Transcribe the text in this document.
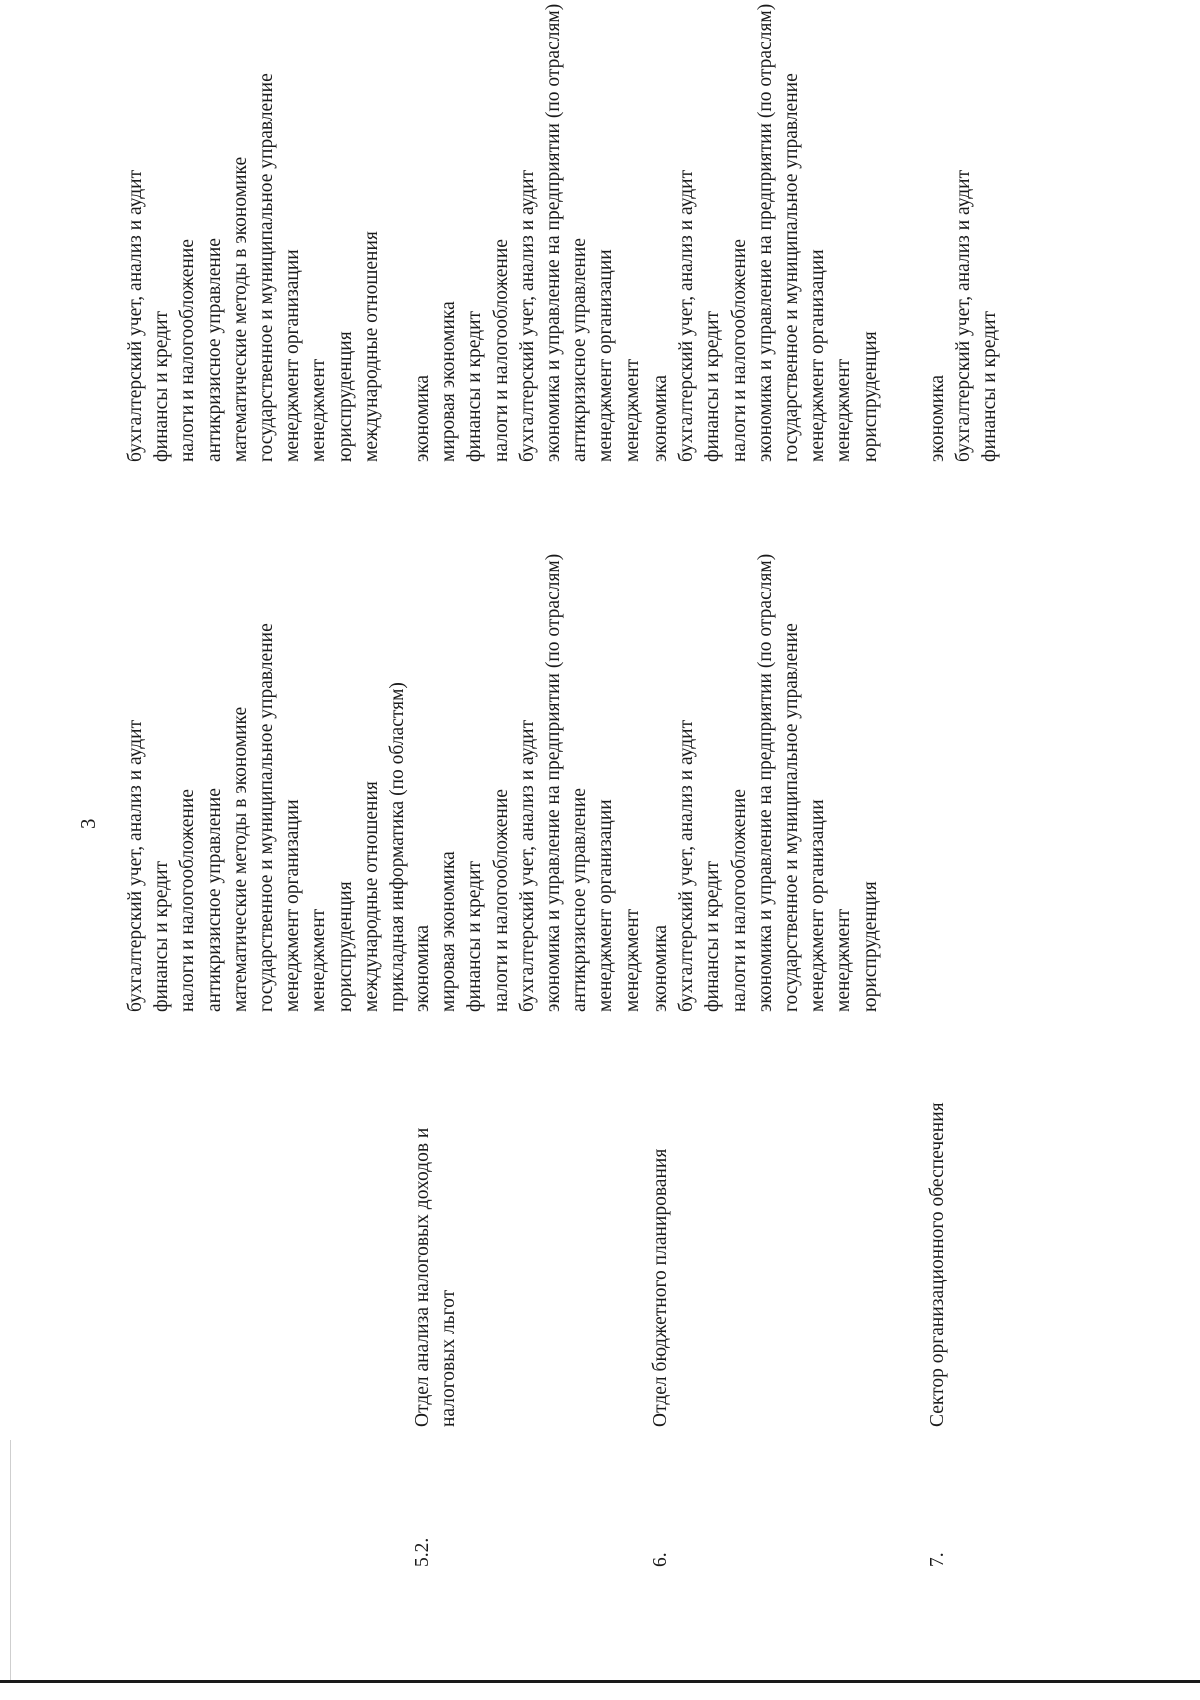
3 бухгалтерский учет, анализ и аудит финансы и кредит налоги и налогообложение антикризисное управление математические методы в экономике государственное и муниципальное управление менеджмент организации менеджмент юриспруденция международные отношения прикладная информатика (по областям)
бухгалтерский учет, анализ и аудит финансы и кредит налоги и налогообложение антикризисное управление математические методы в экономике государственное и муниципальное управление менеджмент организации менеджмент юриспруденция международные отношения
5.2.
Отдел анализа налоговых доходов и налоговых льгот
экономика мировая экономика финансы и кредит налоги и налогообложение бухгалтерский учет, анализ и аудит экономика и управление на предприятии (по отраслям) антикризисное управление менеджмент организации менеджмент
экономика мировая экономика финансы и кредит налоги и налогообложение бухгалтерский учет, анализ и аудит экономика и управление на предприятии (по отраслям) антикризисное управление менеджмент организации менеджмент
6.
Отдел бюджетного планирования
экономика бухгалтерский учет, анализ и аудит финансы и кредит налоги и налогообложение экономика и управление на предприятии (по отраслям) государственное и муниципальное управление менеджмент организации менеджмент юриспруденция
экономика бухгалтерский учет, анализ и аудит финансы и кредит налоги и налогообложение экономика и управление на предприятии (по отраслям) государственное и муниципальное управление менеджмент организации менеджмент юриспруденция
7.
Сектор организационного обеспечения
экономика бухгалтерский учет, анализ и аудит финансы и кредит
